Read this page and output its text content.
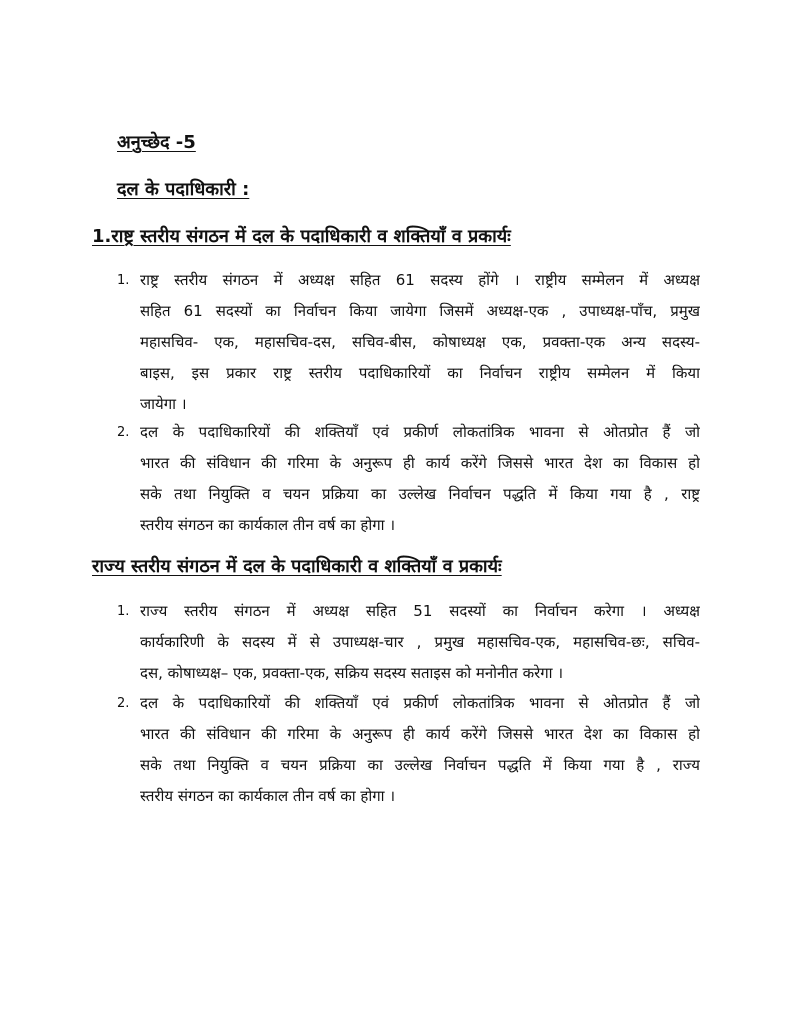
अनुच्छेद -5
दल के पदाधिकारी :
1.राष्ट्र स्तरीय संगठन में दल के पदाधिकारी व शक्तियाँ व प्रकार्यः
1. राष्ट्र स्तरीय संगठन में अध्यक्ष सहित 61 सदस्य होंगे । राष्ट्रीय सम्मेलन में अध्यक्ष
सहित 61 सदस्यों का निर्वाचन किया जायेगा जिसमें अध्यक्ष-एक , उपाध्यक्ष-पाँच, प्रमुख
महासचिव- एक, महासचिव-दस, सचिव-बीस, कोषाध्यक्ष एक, प्रवक्ता-एक अन्य सदस्य-
बाइस, इस प्रकार राष्ट्र स्तरीय पदाधिकारियों का निर्वाचन राष्ट्रीय सम्मेलन में किया
जायेगा ।
2. दल के पदाधिकारियों की शक्तियाँ एवं प्रकीर्ण लोकतांत्रिक भावना से ओतप्रोत हैं जो
भारत की संविधान की गरिमा के अनुरूप ही कार्य करेंगे जिससे भारत देश का विकास हो
सके तथा नियुक्ति व चयन प्रक्रिया का उल्लेख निर्वाचन पद्धति में किया गया है , राष्ट्र
स्तरीय संगठन का कार्यकाल तीन वर्ष का होगा ।
राज्य स्तरीय संगठन में दल के पदाधिकारी व शक्तियाँ व प्रकार्यः
1. राज्य स्तरीय संगठन में अध्यक्ष सहित 51 सदस्यों का निर्वाचन करेगा । अध्यक्ष
कार्यकारिणी के सदस्य में से उपाध्यक्ष-चार , प्रमुख महासचिव-एक, महासचिव-छः, सचिव-
दस, कोषाध्यक्ष– एक, प्रवक्ता-एक, सक्रिय सदस्य सताइस को मनोनीत करेगा ।
2. दल के पदाधिकारियों की शक्तियाँ एवं प्रकीर्ण लोकतांत्रिक भावना से ओतप्रोत हैं जो
भारत की संविधान की गरिमा के अनुरूप ही कार्य करेंगे जिससे भारत देश का विकास हो
सके तथा नियुक्ति व चयन प्रक्रिया का उल्लेख निर्वाचन पद्धति में किया गया है , राज्य
स्तरीय संगठन का कार्यकाल तीन वर्ष का होगा ।
